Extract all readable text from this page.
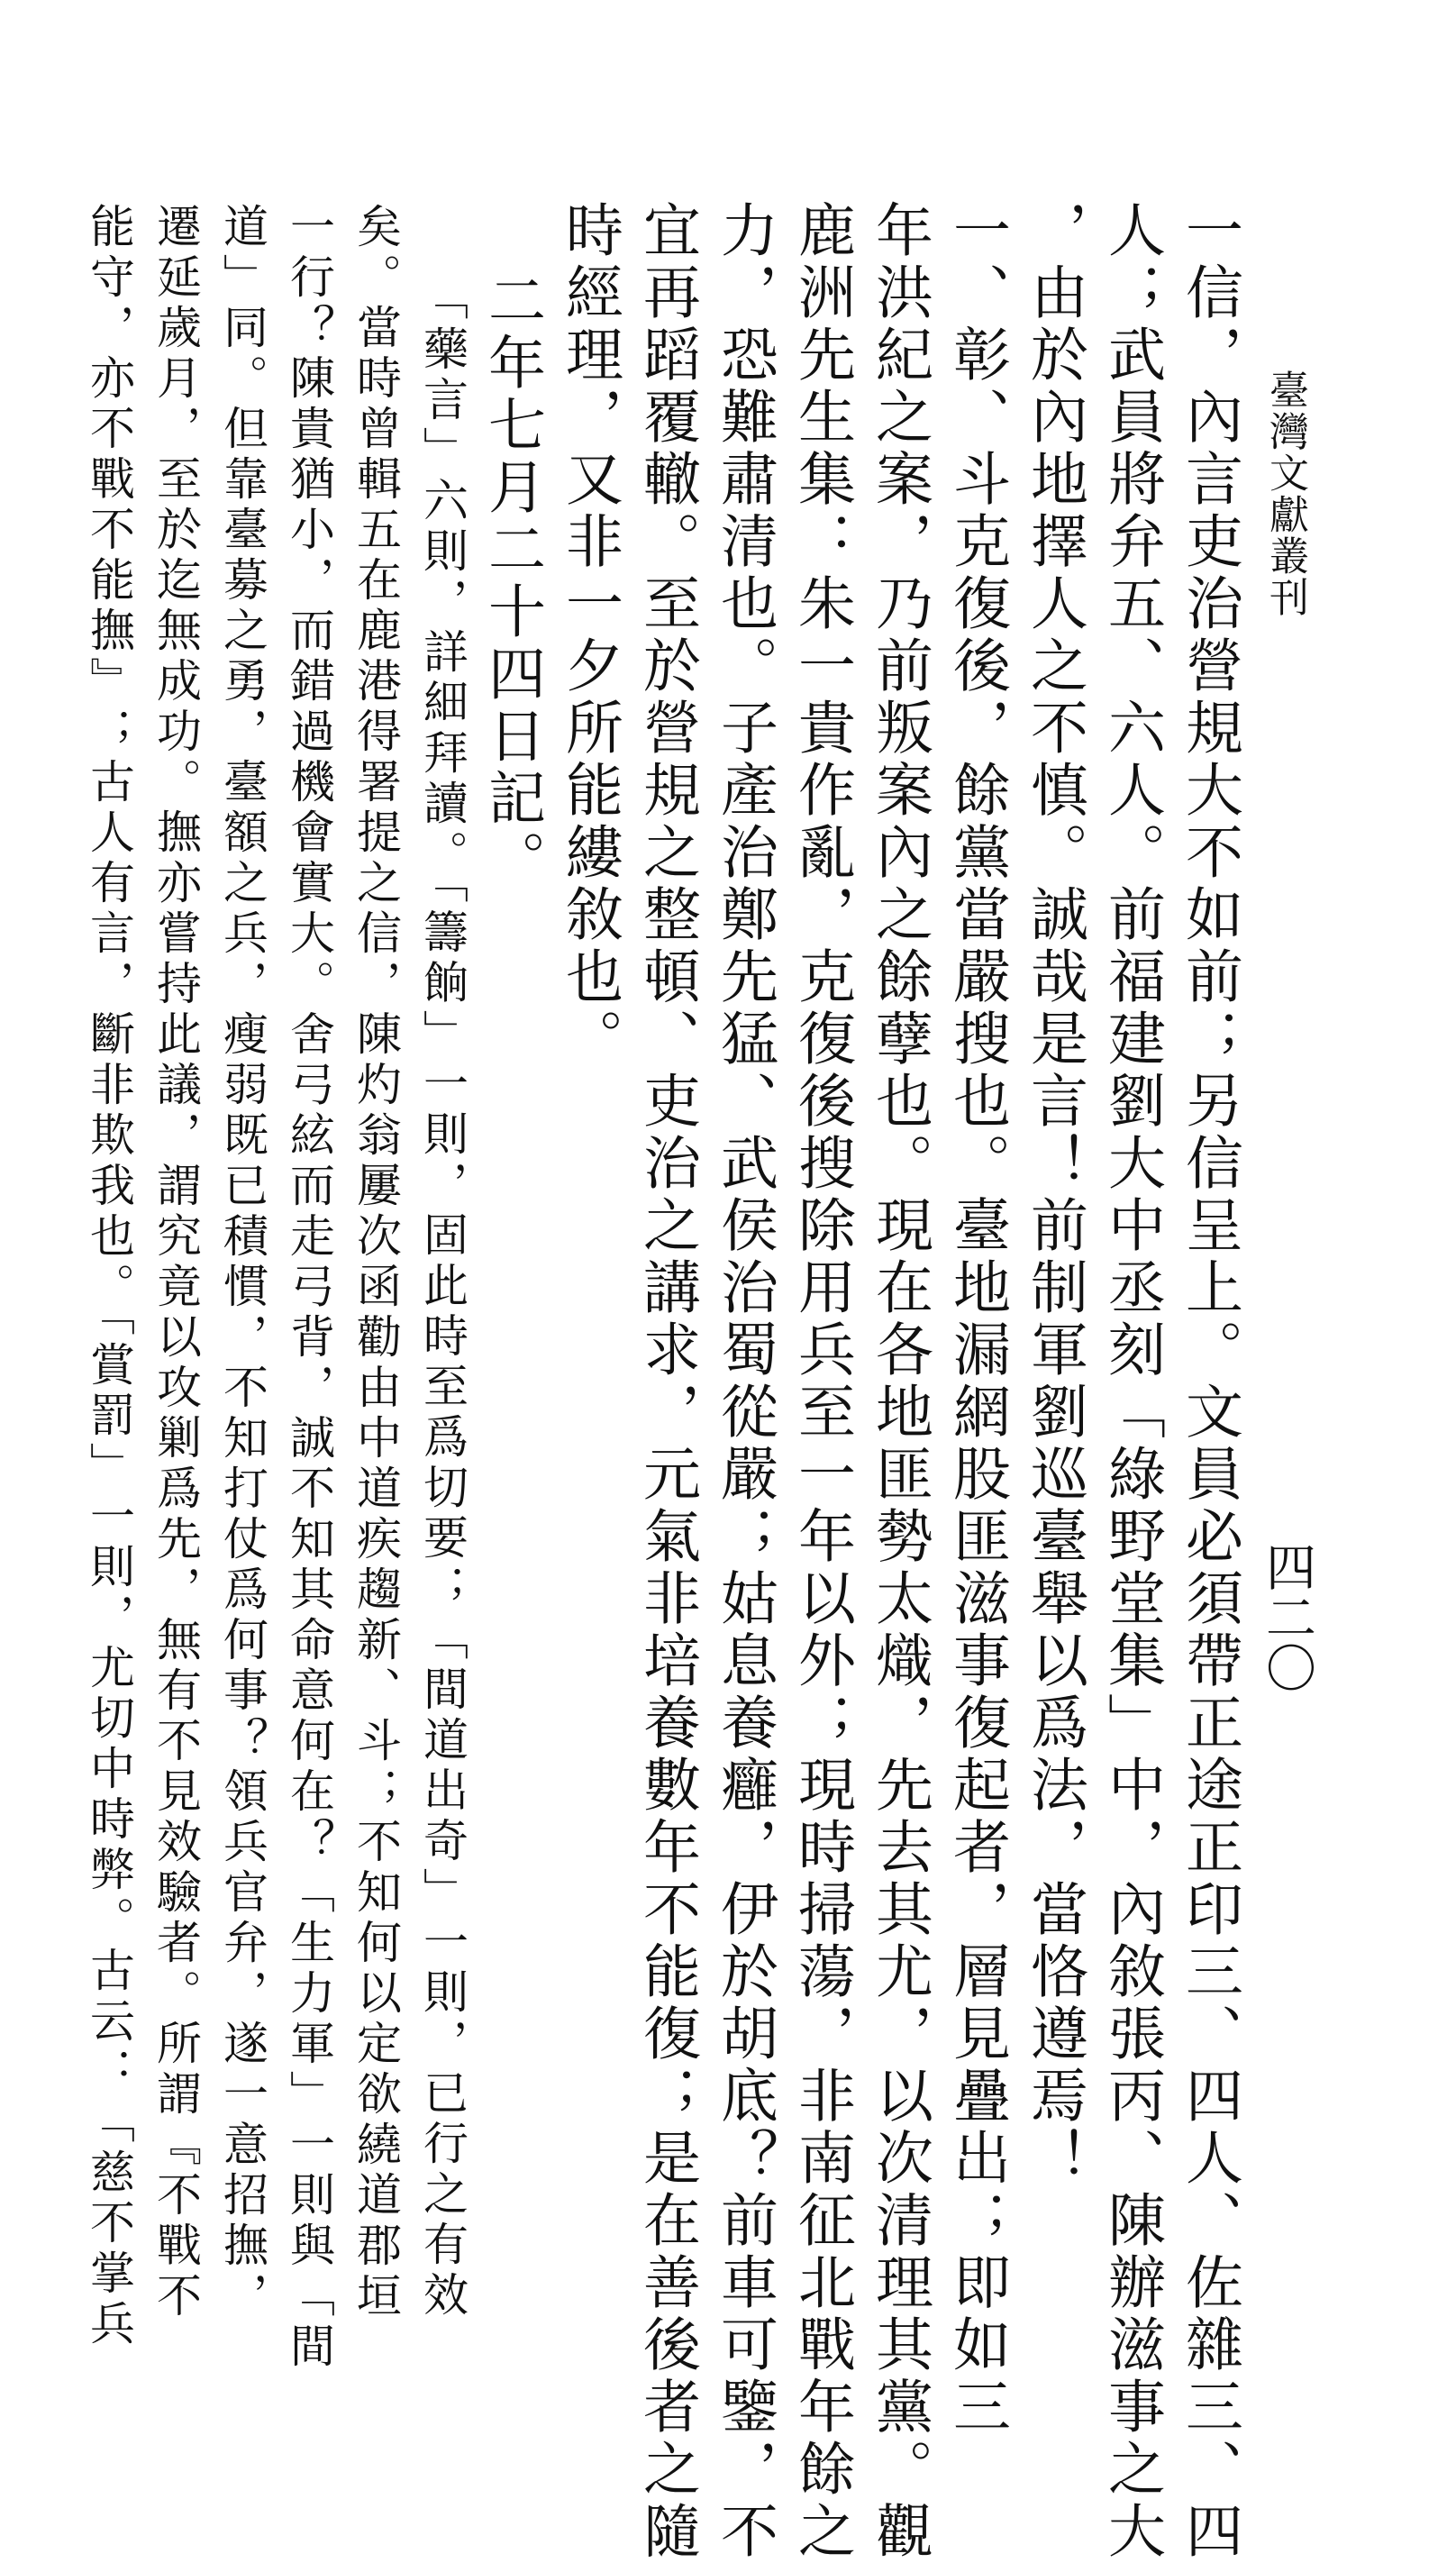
臺灣文獻叢刊
四二〇
一信，內言吏治營規大不如前；另信呈上。文員必須帶正途正印三、四人、佐雜三、四
人；武員將弁五、六人。前福建劉大中丞刻「綠野堂集」中，內敘張丙、陳辦滋事之大
，由於內地擇人之不慎。誠哉是言！前制軍劉巡臺舉以爲法，當恪遵焉！
一、彰、斗克復後，餘黨當嚴搜也。臺地漏網股匪滋事復起者，層見疊出；即如三
年洪紀之案，乃前叛案內之餘孽也。現在各地匪勢太熾，先去其尤，以次清理其黨。觀
鹿洲先生集：朱一貴作亂，克復後搜除用兵至一年以外；現時掃蕩，非南征北戰年餘之
力，恐難肅清也。子產治鄭先猛、武侯治蜀從嚴；姑息養癰，伊於胡底？前車可鑒，不
宜再蹈覆轍。至於營規之整頓、吏治之講求，元氣非培養數年不能復；是在善後者之隨
時經理，又非一夕所能縷敘也。
二年七月二十四日記。
「藥言」六則，詳細拜讀。「籌餉」一則，固此時至爲切要；「間道出奇」一則，已行之有效
矣。當時曾輯五在鹿港得署提之信，陳灼翁屢次函勸由中道疾趨新、斗；不知何以定欲繞道郡垣
一行？陳貴猶小，而錯過機會實大。舍弓絃而走弓背，誠不知其命意何在？「生力軍」一則與「間
道」同。但靠臺募之勇，臺額之兵，瘦弱既已積慣，不知打仗爲何事？領兵官弁，遂一意招撫，
遷延歲月，至於迄無成功。撫亦嘗持此議，謂究竟以攻剿爲先，無有不見效驗者。所謂『不戰不
能守，亦不戰不能撫』；古人有言，斷非欺我也。「賞罰」一則，尤切中時弊。古云：「慈不掌兵
